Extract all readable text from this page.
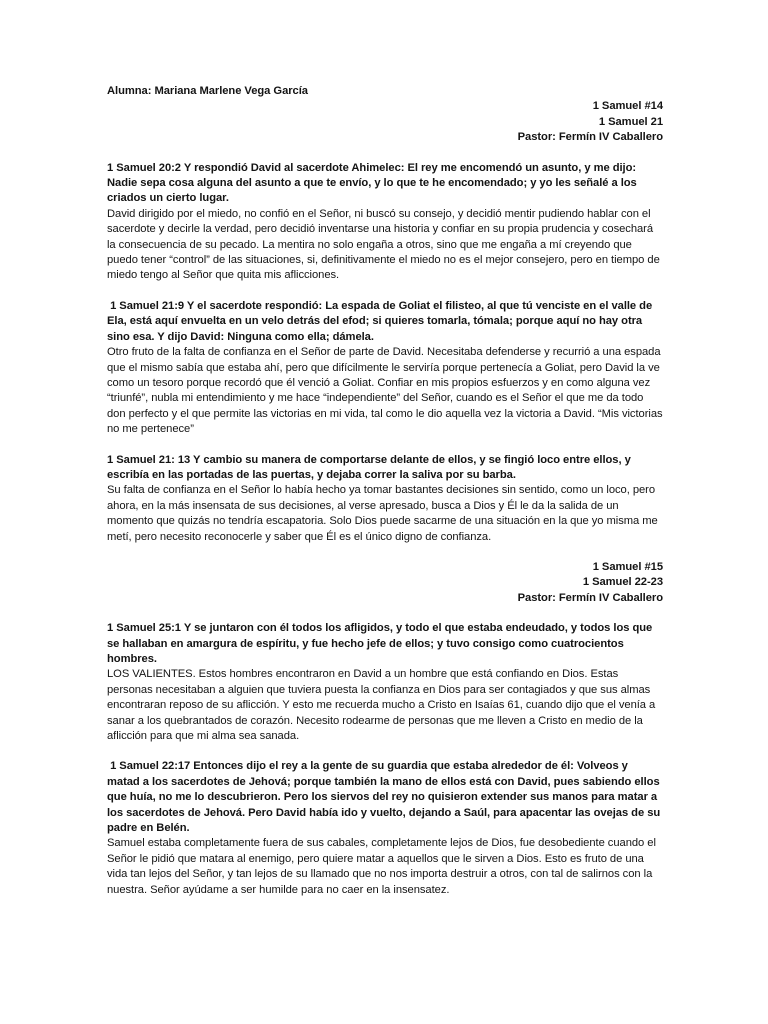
Alumna: Mariana Marlene Vega García

1 Samuel #14
1 Samuel 21
Pastor: Fermín IV Caballero

1 Samuel 20:2 Y respondió David al sacerdote Ahimelec: El rey me encomendó un asunto, y me dijo: Nadie sepa cosa alguna del asunto a que te envío, y lo que te he encomendado; y yo les señalé a los criados un cierto lugar.

David dirigido por el miedo, no confió en el Señor, ni buscó su consejo, y decidió mentir pudiendo hablar con el sacerdote y decirle la verdad, pero decidió inventarse una historia y confiar en su propia prudencia y cosechará la consecuencia de su pecado. La mentira no solo engaña a otros, sino que me engaña a mí creyendo que puedo tener “control” de las situaciones, si, definitivamente el miedo no es el mejor consejero, pero en tiempo de miedo tengo al Señor que quita mis aflicciones.

1 Samuel 21:9 Y el sacerdote respondió: La espada de Goliat el filisteo, al que tú venciste en el valle de Ela, está aquí envuelta en un velo detrás del efod; si quieres tomarla, tómala; porque aquí no hay otra sino esa. Y dijo David: Ninguna como ella; dámela.

Otro fruto de la falta de confianza en el Señor de parte de David. Necesitaba defenderse y recurrió a una espada que el mismo sabía que estaba ahí, pero que difícilmente le serviría porque pertenecía a Goliat, pero David la ve como un tesoro porque recordó que él venció a Goliat. Confiar en mis propios esfuerzos y en como alguna vez “triunfé”, nubla mi entendimiento y me hace “independiente” del Señor, cuando es el Señor el que me da todo don perfecto y el que permite las victorias en mi vida, tal como le dio aquella vez la victoria a David. “Mis victorias no me pertenece”

1 Samuel 21: 13 Y cambio su manera de comportarse delante de ellos, y se fingió loco entre ellos, y escribía en las portadas de las puertas, y dejaba correr la saliva por su barba.

Su falta de confianza en el Señor lo había hecho ya tomar bastantes decisiones sin sentido, como un loco, pero ahora, en la más insensata de sus decisiones, al verse apresado, busca a Dios y Él le da la salida de un momento que quizás no tendría escapatoria. Solo Dios puede sacarme de una situación en la que yo misma me metí, pero necesito reconocerle y saber que Él es el único digno de confianza.

1 Samuel #15
1 Samuel 22-23
Pastor: Fermín IV Caballero

1 Samuel 25:1 Y se juntaron con él todos los afligidos, y todo el que estaba endeudado, y todos los que se hallaban en amargura de espíritu, y fue hecho jefe de ellos; y tuvo consigo como cuatrocientos hombres.

LOS VALIENTES. Estos hombres encontraron en David a un hombre que está confiando en Dios. Estas personas necesitaban a alguien que tuviera puesta la confianza en Dios para ser contagiados y que sus almas encontraran reposo de su aflicción. Y esto me recuerda mucho a Cristo en Isaías 61, cuando dijo que el venía a sanar a los quebrantados de corazón. Necesito rodearme de personas que me lleven a Cristo en medio de la aflicción para que mi alma sea sanada.

1 Samuel 22:17 Entonces dijo el rey a la gente de su guardia que estaba alrededor de él: Volveos y matad a los sacerdotes de Jehová; porque también la mano de ellos está con David, pues sabiendo ellos que huía, no me lo descubrieron. Pero los siervos del rey no quisieron extender sus manos para matar a los sacerdotes de Jehová. Pero David había ido y vuelto, dejando a Saúl, para apacentar las ovejas de su padre en Belén.

Samuel estaba completamente fuera de sus cabales, completamente lejos de Dios, fue desobediente cuando el Señor le pidió que matara al enemigo, pero quiere matar a aquellos que le sirven a Dios. Esto es fruto de una vida tan lejos del Señor, y tan lejos de su llamado que no nos importa destruir a otros, con tal de salirnos con la nuestra. Señor ayúdame a ser humilde para no caer en la insensatez.
